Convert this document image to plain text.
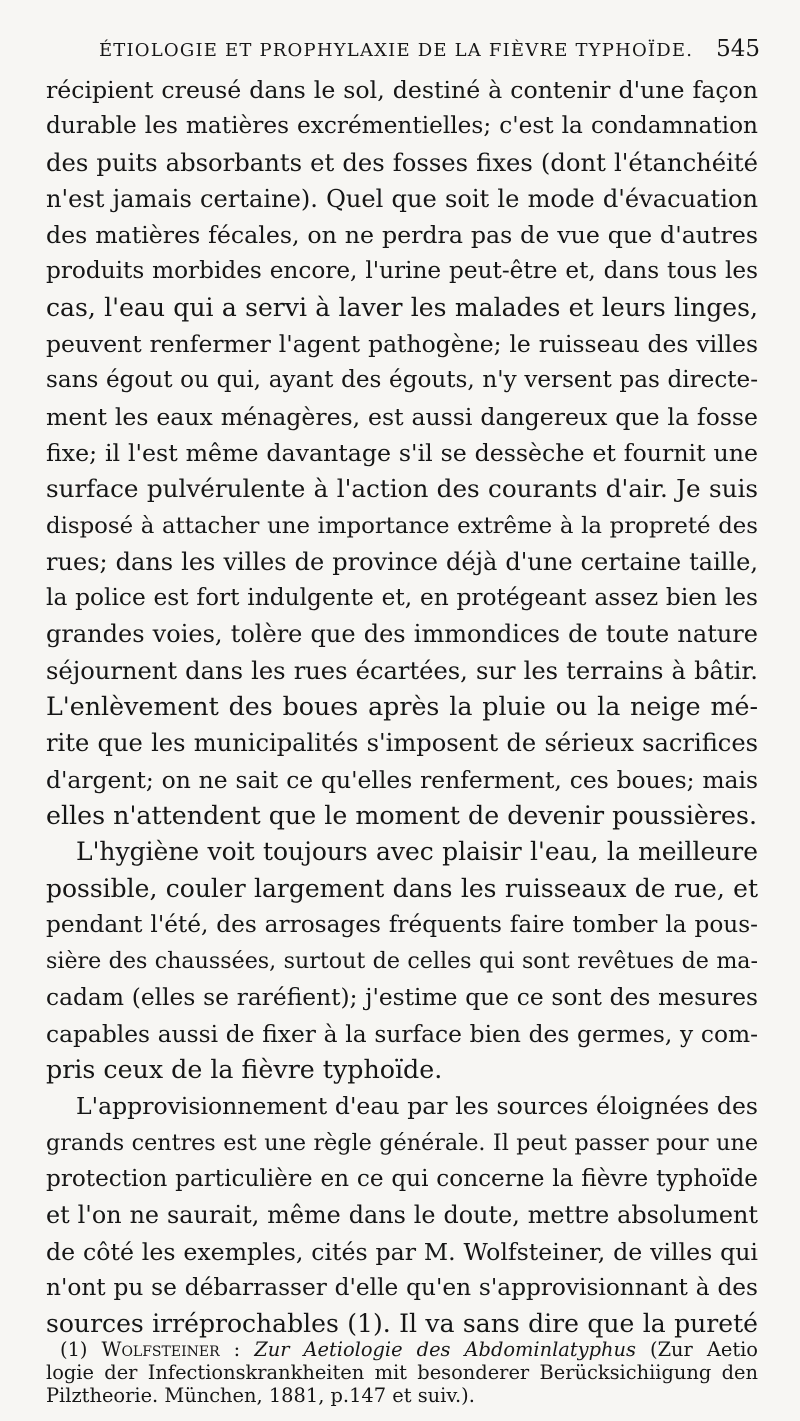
ÉTIOLOGIE ET PROPHYLAXIE DE LA FIÈVRE TYPHOÏDE. 545
récipient creusé dans le sol, destiné à contenir d'une façon
durable les matières excrémentielles; c'est la condamnation
des puits absorbants et des fosses fixes (dont l'étanchéité
n'est jamais certaine). Quel que soit le mode d'évacuation
des matières fécales, on ne perdra pas de vue que d'autres
produits morbides encore, l'urine peut-être et, dans tous les
cas, l'eau qui a servi à laver les malades et leurs linges,
peuvent renfermer l'agent pathogène; le ruisseau des villes
sans égout ou qui, ayant des égouts, n'y versent pas directe-
ment les eaux ménagères, est aussi dangereux que la fosse
fixe; il l'est même davantage s'il se dessèche et fournit une
surface pulvérulente à l'action des courants d'air. Je suis
disposé à attacher une importance extrême à la propreté des
rues; dans les villes de province déjà d'une certaine taille,
la police est fort indulgente et, en protégeant assez bien les
grandes voies, tolère que des immondices de toute nature
séjournent dans les rues écartées, sur les terrains à bâtir.
L'enlèvement des boues après la pluie ou la neige mé-
rite que les municipalités s'imposent de sérieux sacrifices
d'argent; on ne sait ce qu'elles renferment, ces boues; mais
elles n'attendent que le moment de devenir poussières.
L'hygiène voit toujours avec plaisir l'eau, la meilleure
possible, couler largement dans les ruisseaux de rue, et
pendant l'été, des arrosages fréquents faire tomber la pous-
sière des chaussées, surtout de celles qui sont revêtues de ma-
cadam (elles se raréfient); j'estime que ce sont des mesures
capables aussi de fixer à la surface bien des germes, y com-
pris ceux de la fièvre typhoïde.
L'approvisionnement d'eau par les sources éloignées des
grands centres est une règle générale. Il peut passer pour une
protection particulière en ce qui concerne la fièvre typhoïde
et l'on ne saurait, même dans le doute, mettre absolument
de côté les exemples, cités par M. Wolfsteiner, de villes qui
n'ont pu se débarrasser d'elle qu'en s'approvisionnant à des
sources irréprochables (1). Il va sans dire que la pureté
(1) Wolfsteiner : Zur Aetiologie des Abdominlatyphus (Zur Aetio
logie der Infectionskrankheiten mit besonderer Berücksichiigung den
Pilztheorie. München, 1881, p.147 et suiv.).
